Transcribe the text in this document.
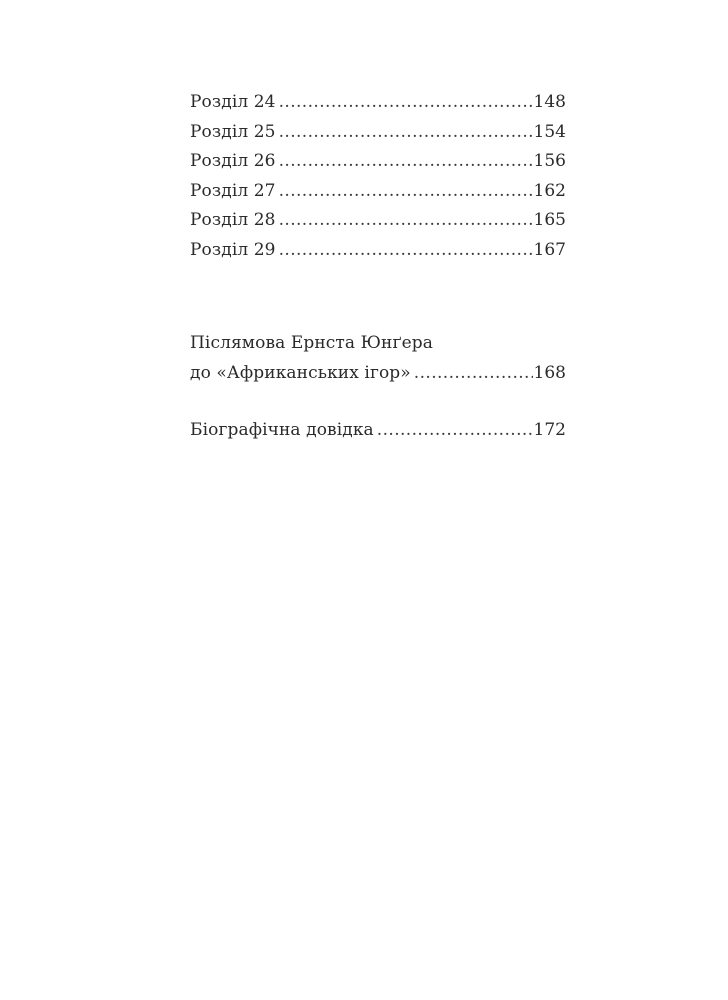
Розділ 24 .....	148
Розділ 25 .....	154
Розділ 26 .....	156
Розділ 27 .....	162
Розділ 28 .....	165
Розділ 29 .....	167
Післямова Ернста Юнґера
до «Африканських ігор» .....	168
Біографічна довідка .....	172
